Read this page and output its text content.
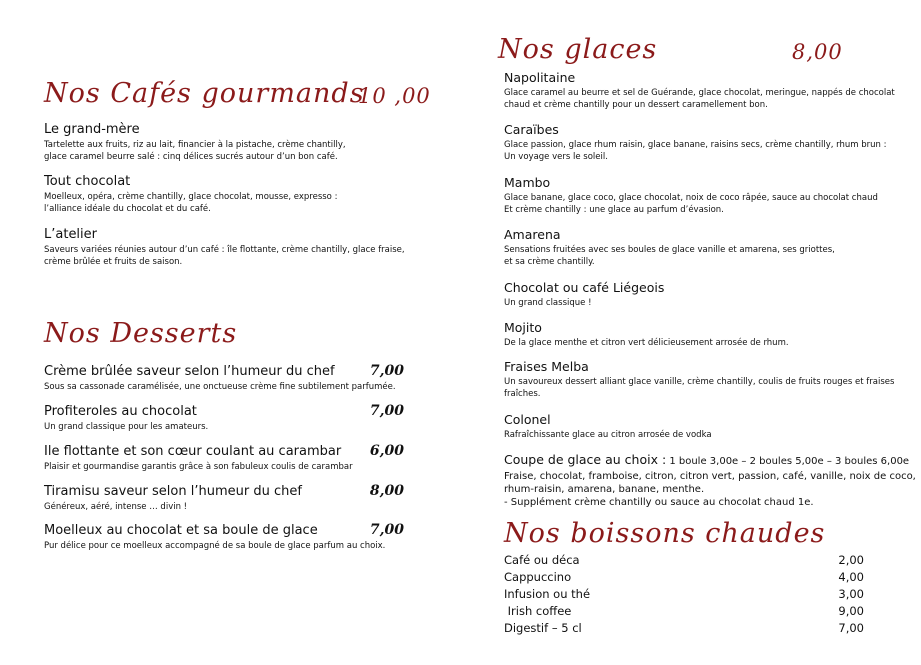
Nos Cafés gourmands
10 ,00
Le grand-mère
Tartelette aux fruits, riz au lait, financier à la pistache, crème chantilly,
glace caramel beurre salé : cinq délices sucrés autour d’un bon café.
Tout chocolat
Moelleux, opéra, crème chantilly, glace chocolat, mousse, expresso :
l’alliance idéale du chocolat et du café.
L’atelier
Saveurs variées réunies autour d’un café : île flottante, crème chantilly, glace fraise,
crème brûlée et fruits de saison.
Nos Desserts
Crème brûlée saveur selon l’humeur du chef	7,00
Sous sa cassonade caramélisée, une onctueuse crème fine subtilement parfumée.
Profiteroles au chocolat	7,00
Un grand classique pour les amateurs.
Ile flottante et son cœur coulant au carambar	6,00
Plaisir et gourmandise garantis grâce à son fabuleux coulis de carambar
Tiramisu saveur selon l’humeur du chef	8,00
Généreux, aéré, intense … divin !
Moelleux au chocolat et sa boule de glace	7,00
Pur délice pour ce moelleux accompagné de sa boule de glace parfum au choix.
Nos glaces	8,00
Napolitaine
Glace caramel au beurre et sel de Guérande, glace chocolat, meringue, nappés de chocolat
chaud et crème chantilly pour un dessert caramellement bon.
Caraïbes
Glace passion, glace rhum raisin, glace banane, raisins secs, crème chantilly, rhum brun :
Un voyage vers le soleil.
Mambo
Glace banane, glace coco, glace chocolat, noix de coco râpée, sauce au chocolat chaud
Et crème chantilly : une glace au parfum d’évasion.
Amarena
Sensations fruitées avec ses boules de glace vanille et amarena, ses griottes,
et sa crème chantilly.
Chocolat ou café Liégeois
Un grand classique !
Mojito
De la glace menthe et citron vert délicieusement arrosée de rhum.
Fraises Melba
Un savoureux dessert alliant glace vanille, crème chantilly, coulis de fruits rouges et fraises
fraîches.
Colonel
Rafraîchissante glace au citron arrosée de vodka
Coupe de glace au choix : 1 boule 3,00e – 2 boules 5,00e – 3 boules 6,00e
Fraise, chocolat, framboise, citron, citron vert, passion, café, vanille, noix de coco,
rhum-raisin, amarena, banane, menthe.
- Supplément crème chantilly ou sauce au chocolat chaud 1e.
Nos boissons chaudes
Café ou déca	2,00
Cappuccino	4,00
Infusion ou thé	3,00
Irish coffee	9,00
Digestif – 5 cl	7,00
